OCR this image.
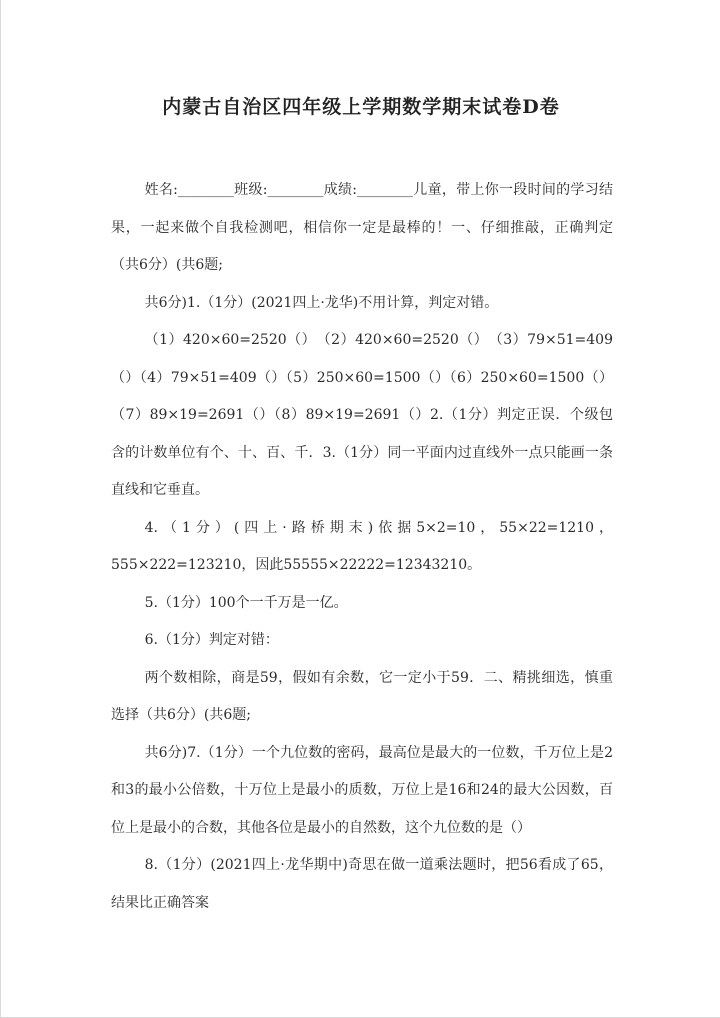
内蒙古自治区四年级上学期数学期末试卷D卷

姓名:________班级:________成绩:________儿童，带上你一段时间的学习结果，一起来做个自我检测吧，相信你一定是最棒的！一、仔细推敲，正确判定（共6分）(共6题;

共6分)1.（1分）(2021四上·龙华)不用计算，判定对错。

（1）420×60=2520（）　（2）420×60=2520（）　（3）79×51=409（）（4）79×51=409（）（5）250×60=1500（）（6）250×60=1500（）（7）89×19=2691（）（8）89×19=2691（）2.（1分）判定正误．个级包含的计数单位有个、十、百、千．3.（1分）同一平面内过直线外一点只能画一条直线和它垂直。

4.（1分）(四上·路桥期末)依据5×2=10，55×22=1210，555×222=123210，因此55555×22222=12343210。

5.（1分）100个一千万是一亿。

6.（1分）判定对错：

两个数相除，商是59，假如有余数，它一定小于59．二、精挑细选，慎重选择（共6分）(共6题;

共6分)7.（1分）一个九位数的密码，最高位是最大的一位数，千万位上是2和3的最小公倍数，十万位上是最小的质数，万位上是16和24的最大公因数，百位上是最小的合数，其他各位是最小的自然数，这个九位数的是（）

8.（1分）(2021四上·龙华期中)奇思在做一道乘法题时，把56看成了65，结果比正确答案
